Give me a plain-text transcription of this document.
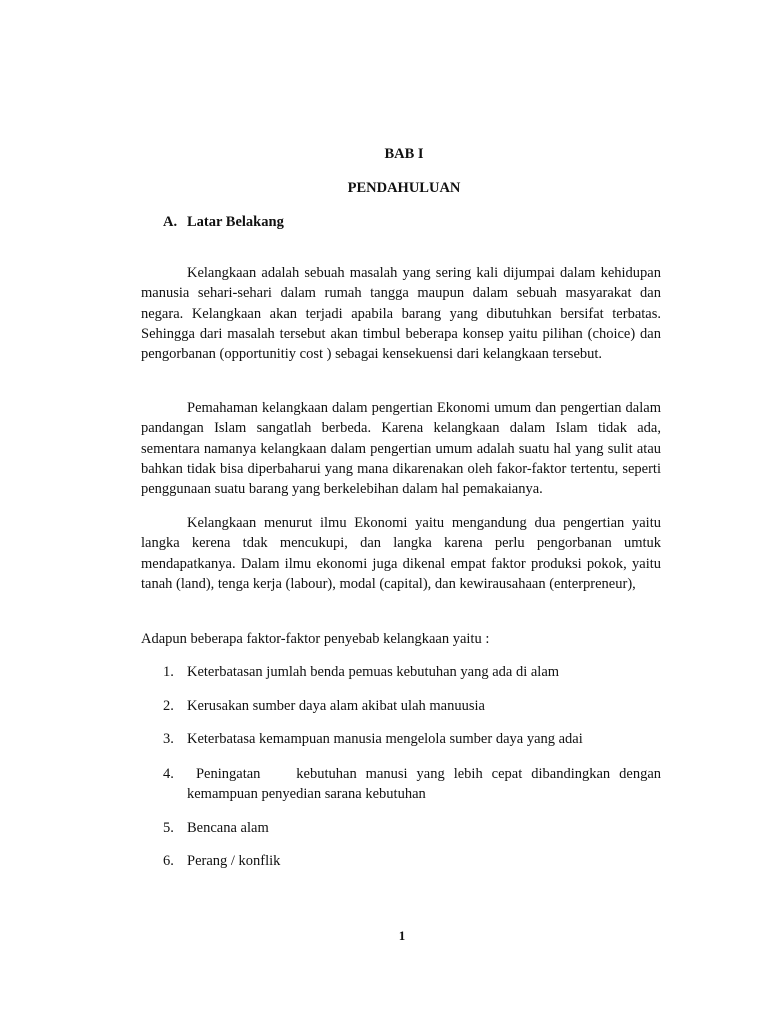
BAB I
PENDAHULUAN
A. Latar Belakang

Kelangkaan adalah sebuah masalah yang sering kali dijumpai dalam kehidupan manusia sehari-sehari dalam rumah tangga maupun dalam sebuah masyarakat dan negara. Kelangkaan akan terjadi apabila barang yang dibutuhkan bersifat terbatas. Sehingga dari masalah tersebut akan timbul beberapa konsep yaitu pilihan (choice) dan pengorbanan (opportunitiy cost ) sebagai kensekuensi dari kelangkaan tersebut.

Pemahaman kelangkaan dalam pengertian Ekonomi umum dan pengertian dalam pandangan Islam sangatlah berbeda. Karena kelangkaan dalam Islam tidak ada, sementara namanya kelangkaan dalam pengertian umum adalah suatu hal yang sulit atau bahkan tidak bisa diperbaharui yang mana dikarenakan oleh fakor-faktor tertentu, seperti penggunaan suatu barang yang berkelebihan dalam hal pemakaianya.

Kelangkaan menurut ilmu Ekonomi yaitu mengandung dua pengertian yaitu langka kerena tdak mencukupi, dan langka karena perlu pengorbanan umtuk mendapatkanya. Dalam ilmu ekonomi juga dikenal empat faktor produksi pokok, yaitu tanah (land), tenga kerja (labour), modal (capital), dan kewirausahaan (enterpreneur),

Adapun beberapa faktor-faktor penyebab kelangkaan yaitu :

1. Keterbatasan jumlah benda pemuas kebutuhan yang ada di alam
2. Kerusakan sumber daya alam akibat ulah manuusia
3. Keterbatasa kemampuan manusia mengelola sumber daya yang adai
4. Peningatan    kebutuhan manusi yang lebih cepat dibandingkan dengan kemampuan penyedian sarana kebutuhan
5. Bencana alam
6. Perang / konflik
1
